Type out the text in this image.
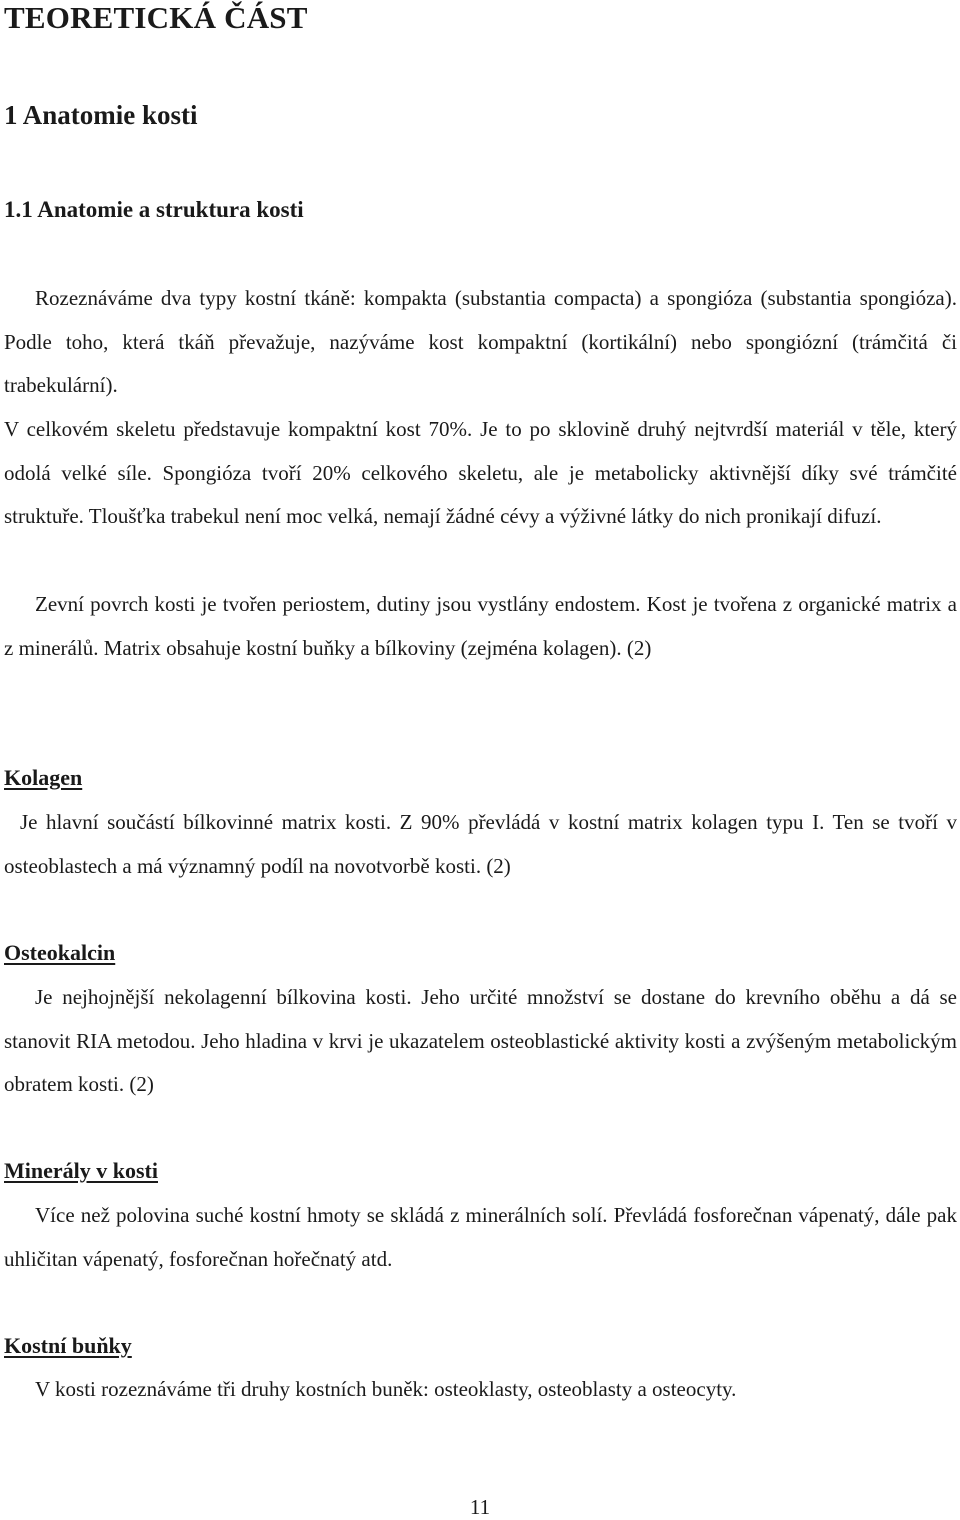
TEORETICKÁ ČÁST
1 Anatomie kosti
1.1 Anatomie a struktura kosti

Rozeznáváme dva typy kostní tkáně: kompakta (substantia compacta) a spongióza (substantia spongióza). Podle toho, která tkáň převažuje, nazýváme kost kompaktní (kortikální) nebo spongiózní (trámčitá či trabekulární).

V celkovém skeletu představuje kompaktní kost 70%. Je to po sklovině druhý nejtvrdší materiál v těle, který odolá velké síle. Spongióza tvoří 20% celkového skeletu, ale je metabolicky aktivnější díky své trámčité struktuře. Tloušťka trabekul není moc velká, nemají žádné cévy a výživné látky do nich pronikají difuzí.

Zevní povrch kosti je tvořen periostem, dutiny jsou vystlány endostem. Kost je tvořena z organické matrix a z minerálů. Matrix obsahuje kostní buňky a bílkoviny (zejména kolagen). (2)

Kolagen

Je hlavní součástí bílkovinné matrix kosti. Z 90% převládá v kostní matrix kolagen typu I. Ten se tvoří v osteoblastech a má významný podíl na novotvorbě kosti. (2)

Osteokalcin

Je nejhojnější nekolagenní bílkovina kosti. Jeho určité množství se dostane do krevního oběhu a dá se stanovit RIA metodou. Jeho hladina v krvi je ukazatelem osteoblastické aktivity kosti a zvýšeným metabolickým obratem kosti. (2)

Minerály v kosti

Více než polovina suché kostní hmoty se skládá z minerálních solí. Převládá fosforečnan vápenatý, dále pak uhličitan vápenatý, fosforečnan hořečnatý atd.

Kostní buňky

V kosti rozeznáváme tři druhy kostních buněk: osteoklasty, osteoblasty a osteocyty.

11
